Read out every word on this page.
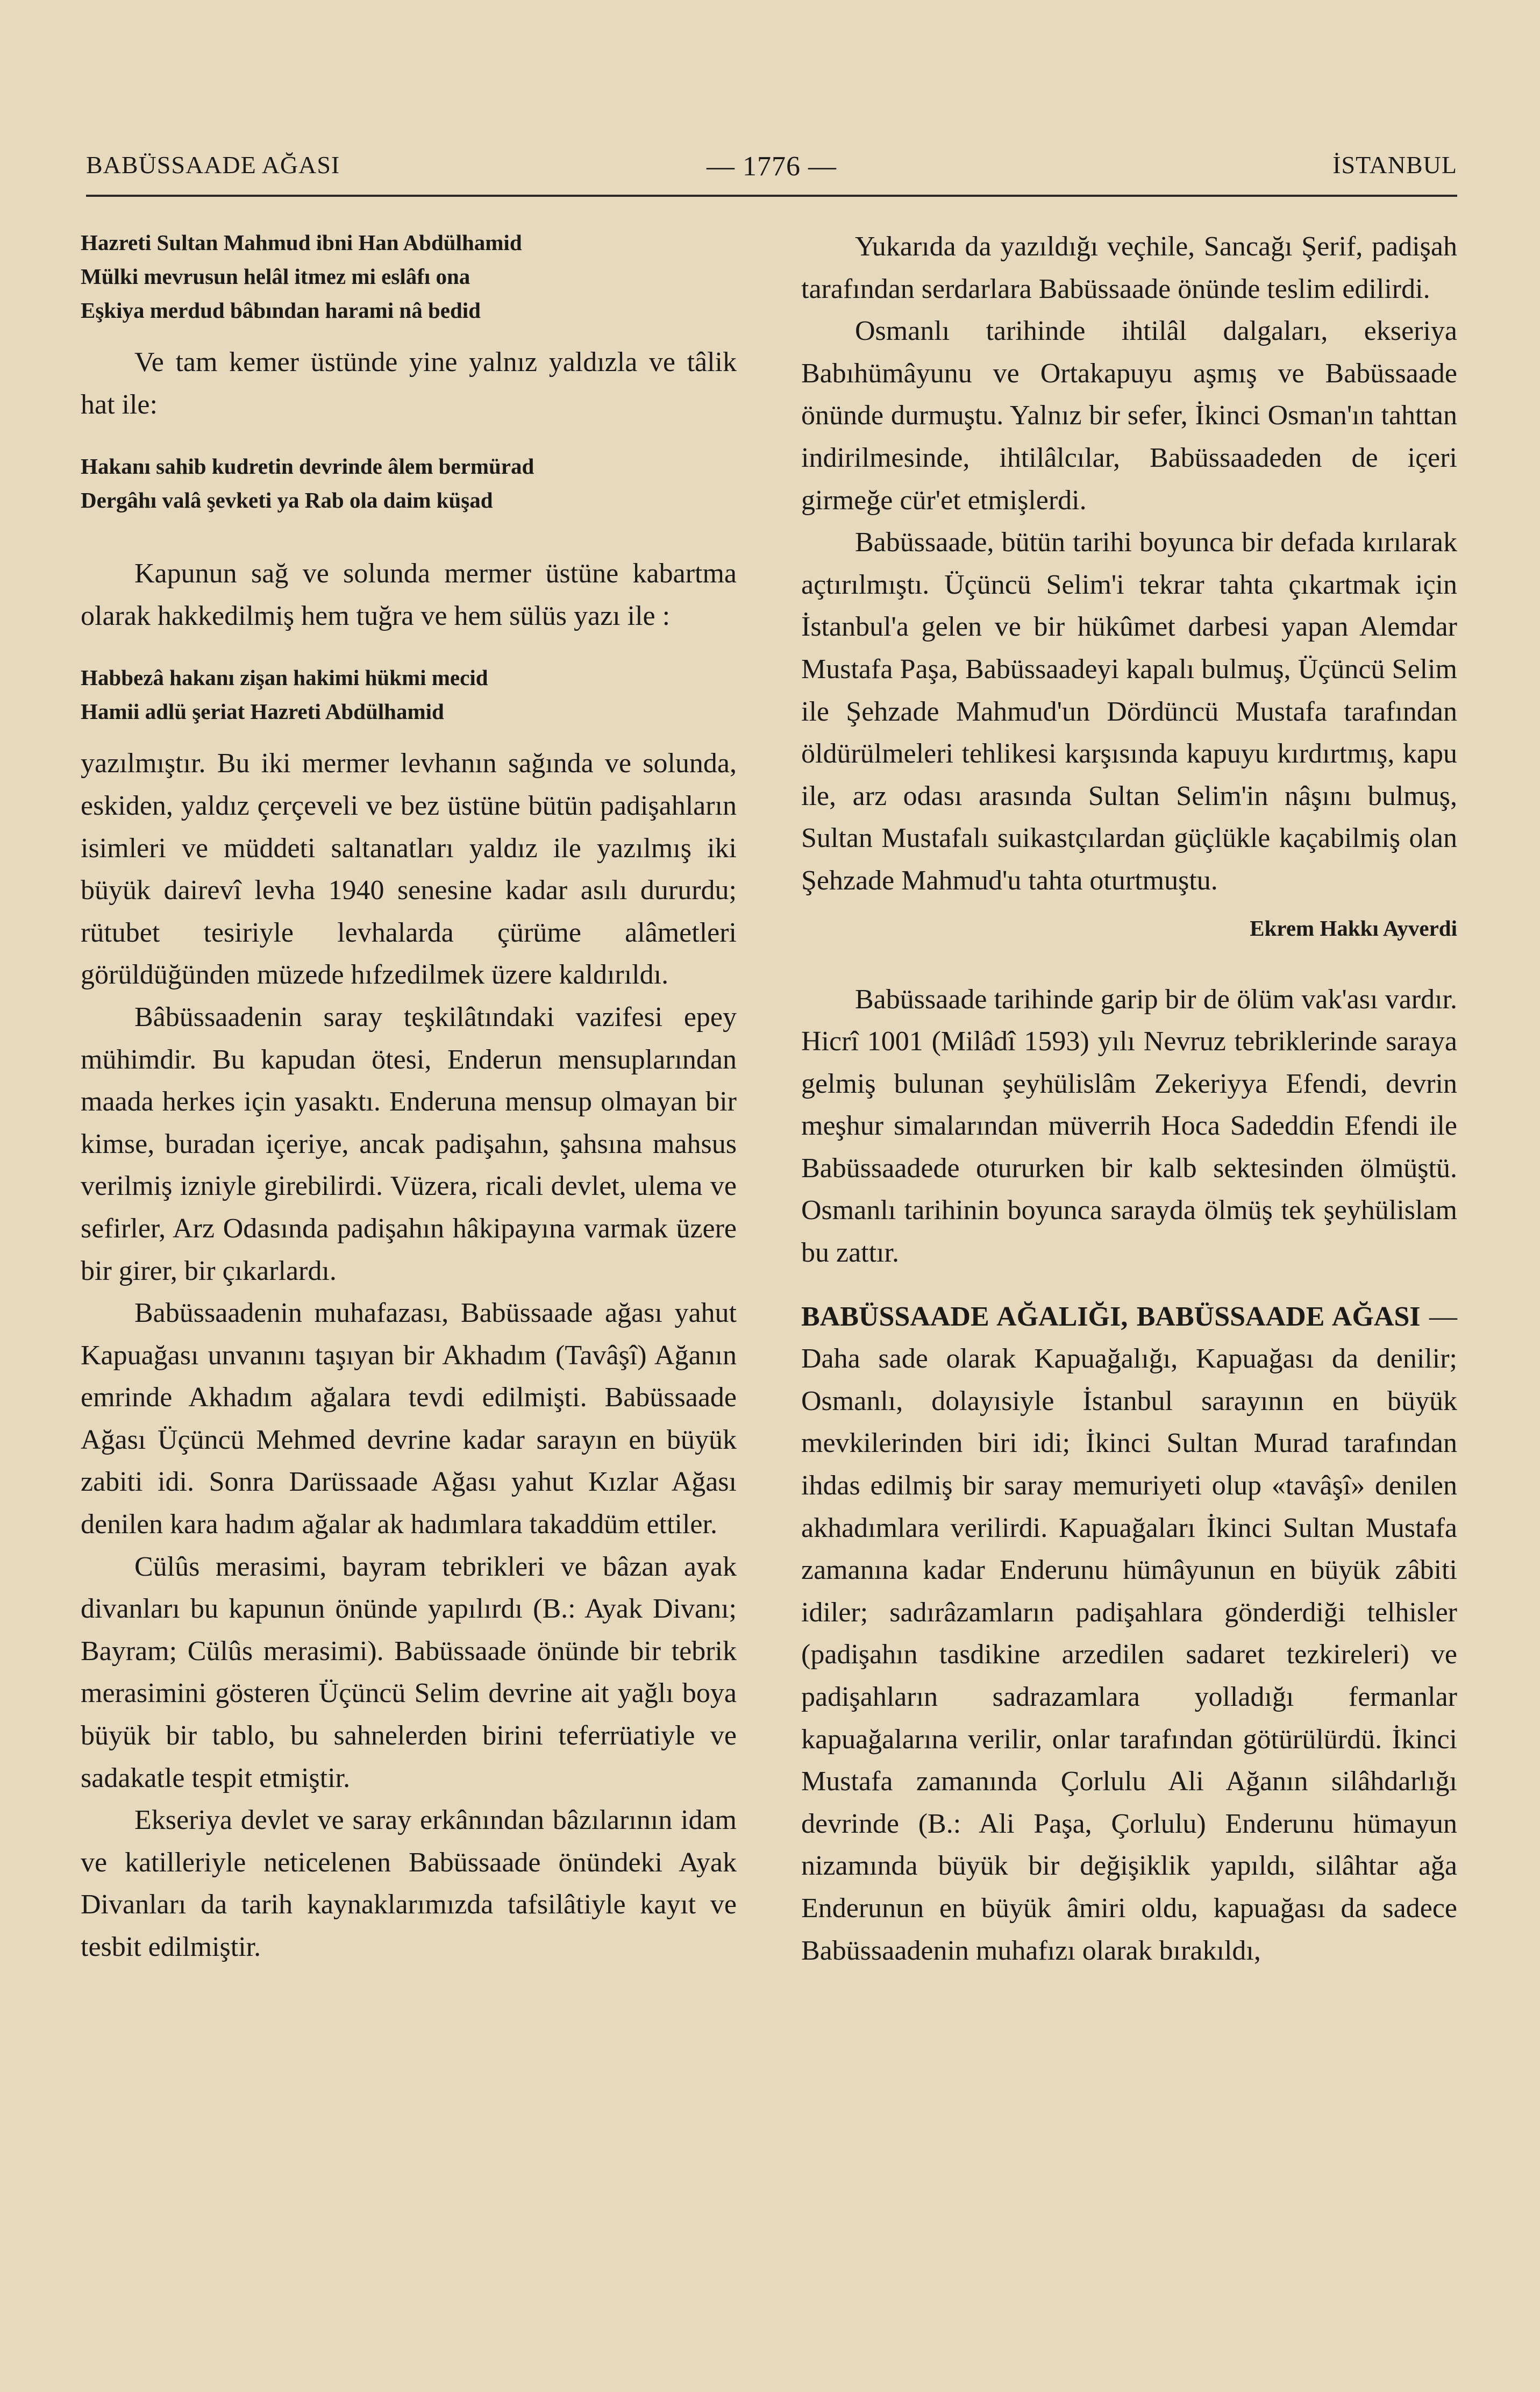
BABÜSSAADE AĞASI	— 1776 —	İSTANBUL
Hazreti Sultan Mahmud ibni Han Abdülhamid
Mülki mevrusun helâl itmez mi eslâfı ona
Eşkiya merdud bâbından harami nâ bedid

Ve tam kemer üstünde yine yalnız yaldızla ve tâlik hat ile:

Hakanı sahib kudretin devrinde âlem bermürad
Dergâhı valâ şevketi ya Rab ola daim küşad

Kapunun sağ ve solunda mermer üstüne kabartma olarak hakkedilmiş hem tuğra ve hem sülüs yazı ile :

Habbezâ hakanı zişan hakimi hükmi mecid
Hamii adlü şeriat Hazreti Abdülhamid

yazılmıştır. Bu iki mermer levhanın sağında ve solunda, eskiden, yaldız çerçeveli ve bez üstüne bütün padişahların isimleri ve müddeti saltanatları yaldız ile yazılmış iki büyük dairevî levha 1940 senesine kadar asılı dururdu; rütubet tesiriyle levhalarda çürüme alâmetleri görüldüğünden müzede hıfzedilmek üzere kaldırıldı.

Bâbüssaadenin saray teşkilâtındaki vazifesi epey mühimdir. Bu kapudan ötesi, Enderun mensuplarından maada herkes için yasaktı. Enderuna mensup olmayan bir kimse, buradan içeriye, ancak padişahın, şahsına mahsus verilmiş izniyle girebilirdi. Vüzera, ricali devlet, ulema ve sefirler, Arz Odasında padişahın hâkipayına varmak üzere bir girer, bir çıkarlardı.

Babüssaadenin muhafazası, Babüssaade ağası yahut Kapuağası unvanını taşıyan bir Akhadım (Tavâşî) Ağanın emrinde Akhadım ağalara tevdi edilmişti. Babüssaade Ağası Üçüncü Mehmed devrine kadar sarayın en büyük zabiti idi. Sonra Darüssaade Ağası yahut Kızlar Ağası denilen kara hadım ağalar ak hadımlara takaddüm ettiler.

Cülûs merasimi, bayram tebrikleri ve bâzan ayak divanları bu kapunun önünde yapılırdı (B.: Ayak Divanı; Bayram; Cülûs merasimi). Babüssaade önünde bir tebrik merasimini gösteren Üçüncü Selim devrine ait yağlı boya büyük bir tablo, bu sahnelerden birini teferrüatiyle ve sadakatle tespit etmiştir.

Ekseriya devlet ve saray erkânından bâzılarının idam ve katilleriyle neticelenen Babüssaade önündeki Ayak Divanları da tarih kaynaklarımızda tafsilâtiyle kayıt ve tesbit edilmiştir.

Yukarıda da yazıldığı veçhile, Sancağı Şerif, padişah tarafından serdarlara Babüssaade önünde teslim edilirdi.

Osmanlı tarihinde ihtilâl dalgaları, ekseriya Babıhümâyunu ve Ortakapuyu aşmış ve Babüssaade önünde durmuştu. Yalnız bir sefer, İkinci Osman'ın tahttan indirilmesinde, ihtilâlcılar, Babüssaadeden de içeri girmeğe cür'et etmişlerdi.

Babüssaade, bütün tarihi boyunca bir defada kırılarak açtırılmıştı. Üçüncü Selim'i tekrar tahta çıkartmak için İstanbul'a gelen ve bir hükûmet darbesi yapan Alemdar Mustafa Paşa, Babüssaadeyi kapalı bulmuş, Üçüncü Selim ile Şehzade Mahmud'un Dördüncü Mustafa tarafından öldürülmeleri tehlikesi karşısında kapuyu kırdırtmış, kapu ile, arz odası arasında Sultan Selim'in nâşını bulmuş, Sultan Mustafalı suikastçılardan güçlükle kaçabilmiş olan Şehzade Mahmud'u tahta oturtmuştu.

Ekrem Hakkı Ayverdi

Babüssaade tarihinde garip bir de ölüm vak'ası vardır. Hicrî 1001 (Milâdî 1593) yılı Nevruz tebriklerinde saraya gelmiş bulunan şeyhülislâm Zekeriyya Efendi, devrin meşhur simalarından müverrih Hoca Sadeddin Efendi ile Babüssaadede otururken bir kalb sektesinden ölmüştü. Osmanlı tarihinin boyunca sarayda ölmüş tek şeyhülislam bu zattır.

BABÜSSAADE AĞALIĞI, BABÜSSAADE AĞASI — Daha sade olarak Kapuağalığı, Kapuağası da denilir; Osmanlı, dolayısiyle İstanbul sarayının en büyük mevkilerinden biri idi; İkinci Sultan Murad tarafından ihdas edilmiş bir saray memuriyeti olup «tavâşî» denilen akhadımlara verilirdi. Kapuağaları İkinci Sultan Mustafa zamanına kadar Enderunu hümâyunun en büyük zâbiti idiler; sadırâzamların padişahlara gönderdiği telhisler (padişahın tasdikine arzedilen sadaret tezkireleri) ve padişahların sadrazamlara yolladığı fermanlar kapuağalarına verilir, onlar tarafından götürülürdü. İkinci Mustafa zamanında Çorlulu Ali Ağanın silâhdarlığı devrinde (B.: Ali Paşa, Çorlulu) Enderunu hümayun nizamında büyük bir değişiklik yapıldı, silâhtar ağa Enderunun en büyük âmiri oldu, kapuağası da sadece Babüssaadenin muhafızı olarak bırakıldı,
